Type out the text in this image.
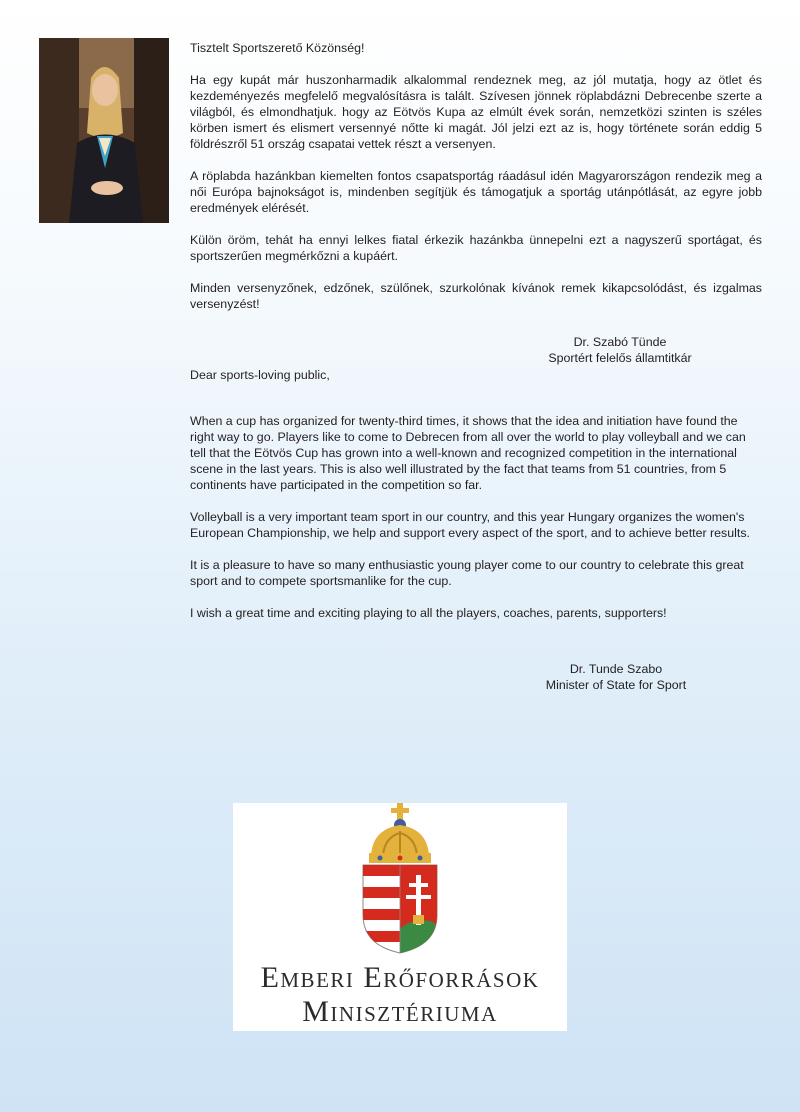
Tisztelt Sportszerető Közönség!

Ha egy kupát már huszonharmadik alkalommal rendeznek meg, az jól mutatja, hogy az ötlet és kezdeményezés megfelelő megvalósításra is talált. Szívesen jönnek röplabdázni Debrecenbe szerte a világból, és elmondhatjuk. hogy az Eötvös Kupa az elmúlt évek során, nemzetközi szinten is széles körben ismert és elismert versennyé nőtte ki magát. Jól jelzi ezt az is, hogy története során eddig 5 földrészről 51 ország csapatai vettek részt a versenyen.

A röplabda hazánkban kiemelten fontos csapatsportág ráadásul idén Magyarországon rendezik meg a női Európa bajnokságot is, mindenben segítjük és támogatjuk a sportág utánpótlását, az egyre jobb eredmények elérését.

Külön öröm, tehát ha ennyi lelkes fiatal érkezik hazánkba ünnepelni ezt a nagyszerű sportágat, és sportszerűen megmérkőzni a kupáért.

Minden versenyzőnek, edzőnek, szülőnek, szurkolónak kívánok remek kikapcsolódást, és izgalmas versenyzést!

Dr. Szabó Tünde
Sportért felelős államtitkár
Dear sports-loving public,

When a cup has organized for twenty-third times, it shows that the idea and initiation have found the right way to go. Players like to come to Debrecen from all over the world to play volleyball and we can tell that the Eötvös Cup has grown into a well-known and recognized competition in the international scene in the last years. This is also well illustrated by the fact that teams from 51 countries, from 5 continents have participated in the competition so far.

Volleyball is a very important team sport in our country, and this year Hungary organizes the women's European Championship, we help and support every aspect of the sport, and to achieve better results.

It is a pleasure to have so many enthusiastic young player come to our country to celebrate this great sport and to compete sportsmanlike for the cup.

I wish a great time and exciting playing to all the players, coaches, parents, supporters!

Dr. Tunde Szabo
Minister of State for Sport
Emberi Erőforrások
Minisztériuma
